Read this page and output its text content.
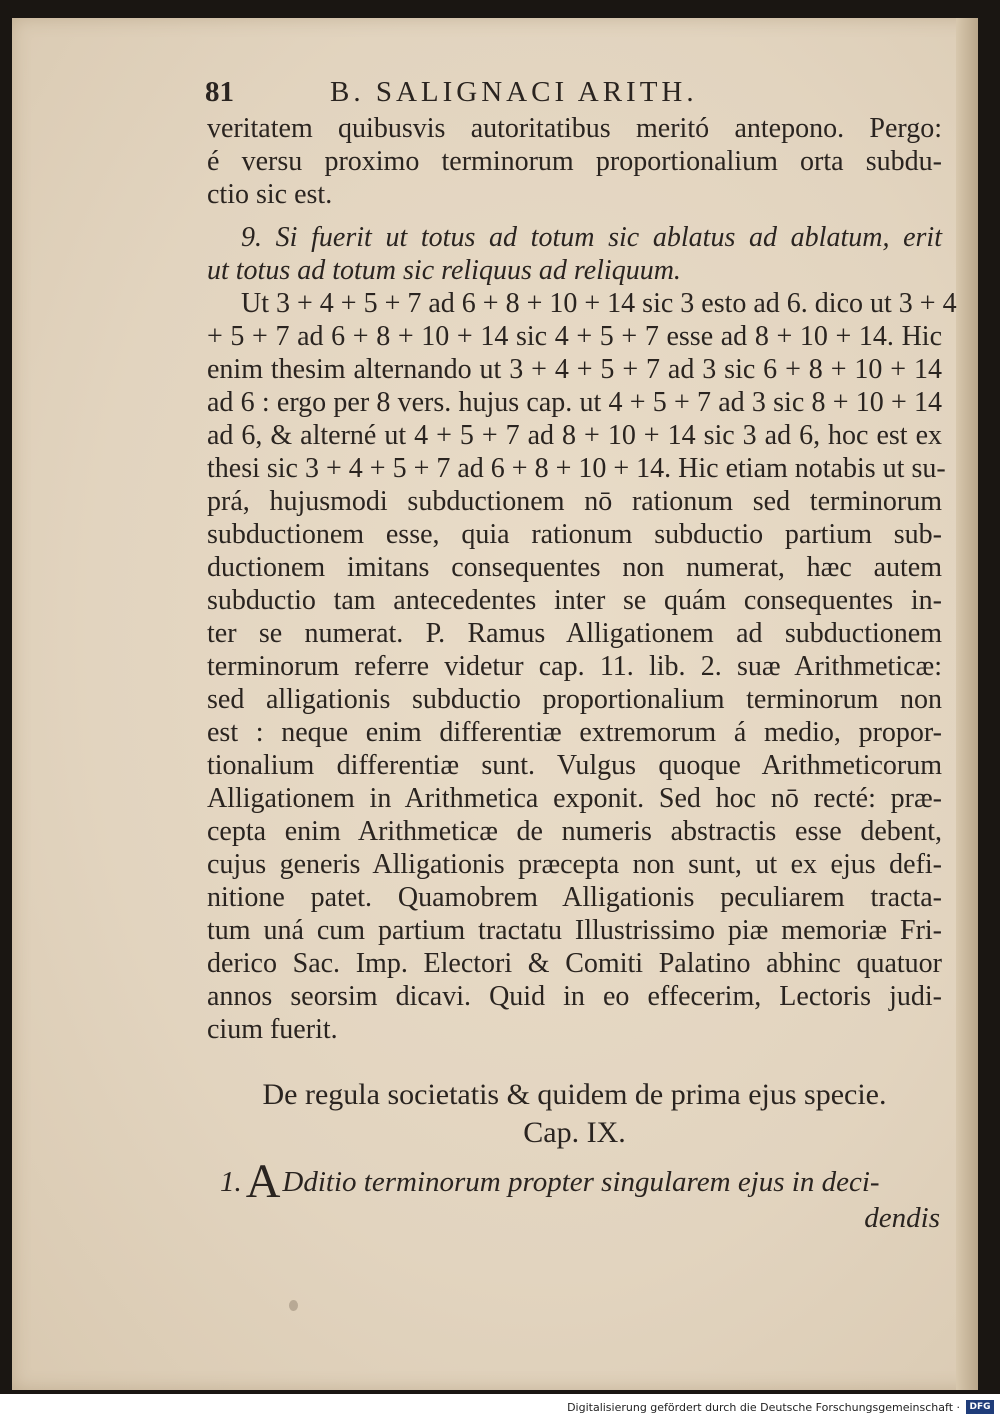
81	B. SALIGNACI ARITH.
veritatem quibusvis autoritatibus meritó antepono. Pergo:
é versu proximo terminorum proportionalium orta subdu-
ctio sic est.
9. Si fuerit ut totus ad totum sic ablatus ad ablatum, erit
ut totus ad totum sic reliquus ad reliquum.
Ut 3 + 4 + 5 + 7 ad 6 + 8 + 10 + 14 sic 3 esto ad 6. dico ut 3 + 4
+ 5 + 7 ad 6 + 8 + 10 + 14 sic 4 + 5 + 7 esse ad 8 + 10 + 14. Hic
enim thesim alternando ut 3 + 4 + 5 + 7 ad 3 sic 6 + 8 + 10 + 14
ad 6 : ergo per 8 vers. hujus cap. ut 4 + 5 + 7 ad 3 sic 8 + 10 + 14
ad 6, & alterné ut 4 + 5 + 7 ad 8 + 10 + 14 sic 3 ad 6, hoc est ex
thesi sic 3 + 4 + 5 + 7 ad 6 + 8 + 10 + 14. Hic etiam notabis ut su-
prá, hujusmodi subductionem nō rationum sed terminorum
subductionem esse, quia rationum subductio partium sub-
ductionem imitans consequentes non numerat, hæc autem
subductio tam antecedentes inter se quám consequentes in-
ter se numerat. P. Ramus Alligationem ad subductionem
terminorum referre videtur cap. 11. lib. 2. suæ Arithmeticæ:
sed alligationis subductio proportionalium terminorum non
est : neque enim differentiæ extremorum á medio, propor-
tionalium differentiæ sunt. Vulgus quoque Arithmeticorum
Alligationem in Arithmetica exponit. Sed hoc nō recté: præ-
cepta enim Arithmeticæ de numeris abstractis esse debent,
cujus generis Alligationis præcepta non sunt, ut ex ejus defi-
nitione patet. Quamobrem Alligationis peculiarem tracta-
tum uná cum partium tractatu Illustrissimo piæ memoriæ Fri-
derico Sac. Imp. Electori & Comiti Palatino abhinc quatuor
annos seorsim dicavi. Quid in eo effecerim, Lectoris judi-
cium fuerit.
De regula societatis & quidem de prima ejus specie.
Cap. IX.
1.ADditio terminorum propter singularem ejus in deci-
dendis
Digitalisierung gefördert durch die Deutsche Forschungsgemeinschaft ·	DFG
